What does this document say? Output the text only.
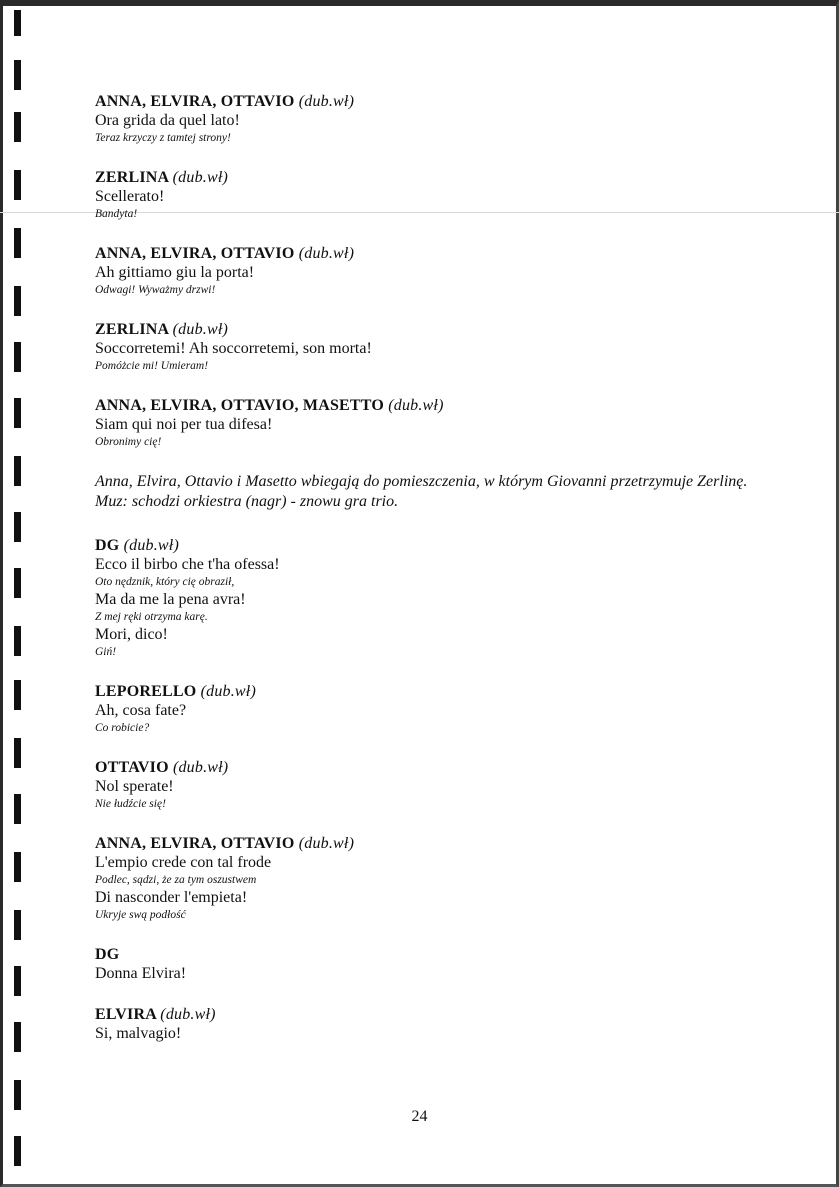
ANNA, ELVIRA, OTTAVIO (dub.wł)
Ora grida da quel lato!
Teraz krzyczy z tamtej strony!
ZERLINA (dub.wł)
Scellerato!
Bandyta!
ANNA, ELVIRA, OTTAVIO (dub.wł)
Ah gittiamo giu la porta!
Odwagi! Wyważmy drzwi!
ZERLINA (dub.wł)
Soccorretemi! Ah soccorretemi, son morta!
Pomóżcie mi! Umieram!
ANNA, ELVIRA, OTTAVIO, MASETTO (dub.wł)
Siam qui noi per tua difesa!
Obronimy cię!
Anna, Elvira, Ottavio i Masetto wbiegają do pomieszczenia, w którym Giovanni przetrzymuje Zerlinę.
Muz: schodzi orkiestra (nagr) - znowu gra trio.
DG (dub.wł)
Ecco il birbo che t'ha ofessa!
Oto nędznik, który cię obraził,
Ma da me la pena avra!
Z mej ręki otrzyma karę.
Mori, dico!
Giń!
LEPORELLO (dub.wł)
Ah, cosa fate?
Co robicie?
OTTAVIO (dub.wł)
Nol sperate!
Nie łudźcie się!
ANNA, ELVIRA, OTTAVIO (dub.wł)
L'empio crede con tal frode
Podlec, sądzi, że za tym oszustwem
Di nasconder l'empieta!
Ukryje swą podłość
DG
Donna Elvira!
ELVIRA (dub.wł)
Si, malvagio!
24
